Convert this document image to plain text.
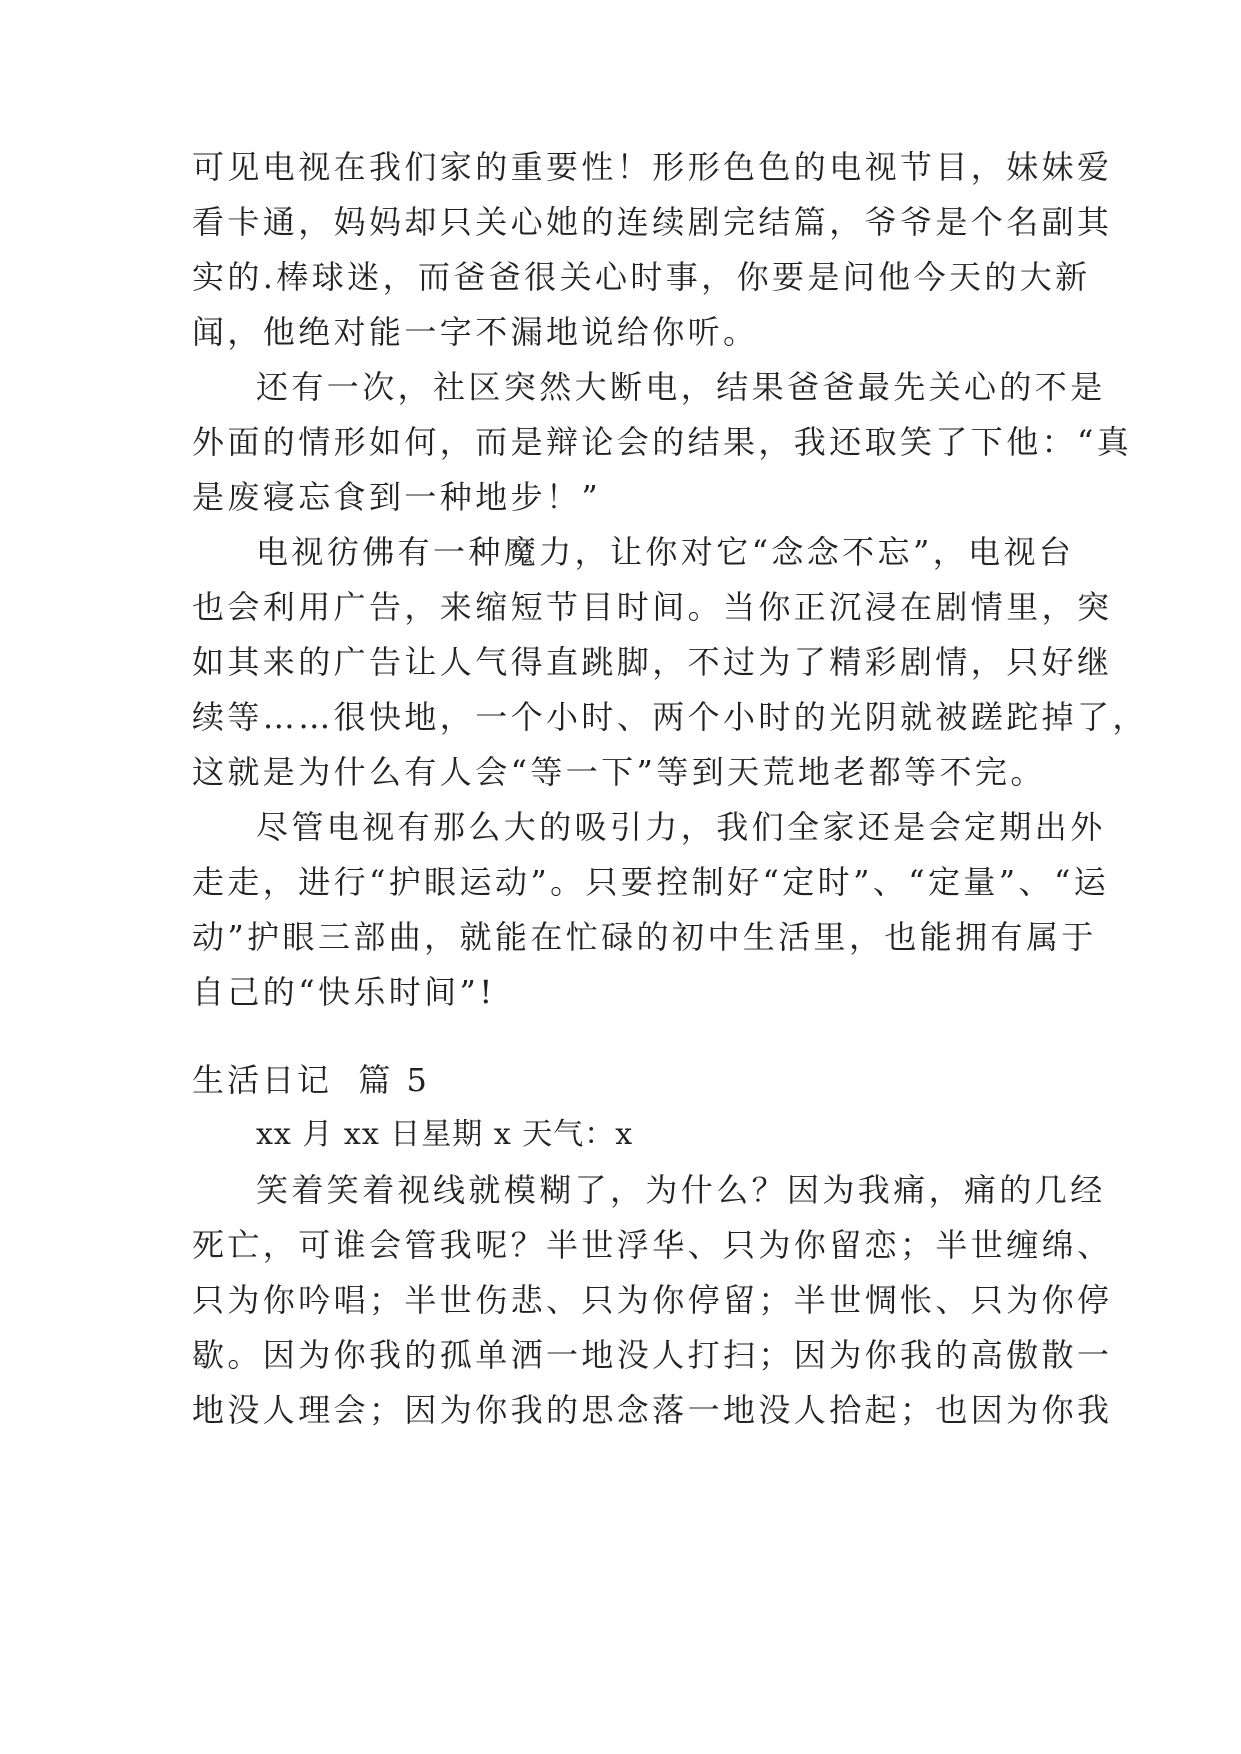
可见电视在我们家的重要性！形形色色的电视节目，妹妹爱
看卡通，妈妈却只关心她的连续剧完结篇，爷爷是个名副其
实的.棒球迷，而爸爸很关心时事，你要是问他今天的大新
闻，他绝对能一字不漏地说给你听。
还有一次，社区突然大断电，结果爸爸最先关心的不是
外面的情形如何，而是辩论会的结果，我还取笑了下他：“真
是废寝忘食到一种地步！”
电视彷佛有一种魔力，让你对它“念念不忘”，电视台
也会利用广告，来缩短节目时间。当你正沉浸在剧情里，突
如其来的广告让人气得直跳脚，不过为了精彩剧情，只好继
续等……很快地，一个小时、两个小时的光阴就被蹉跎掉了，
这就是为什么有人会“等一下”等到天荒地老都等不完。
尽管电视有那么大的吸引力，我们全家还是会定期出外
走走，进行“护眼运动”。只要控制好“定时”、“定量”、“运
动”护眼三部曲，就能在忙碌的初中生活里，也能拥有属于
自己的“快乐时间”!
生活日记  篇 5
xx 月 xx 日星期 x 天气：x
笑着笑着视线就模糊了，为什么？因为我痛，痛的几经
死亡，可谁会管我呢？半世浮华、只为你留恋；半世缠绵、
只为你吟唱；半世伤悲、只为你停留；半世惆怅、只为你停
歇。因为你我的孤单洒一地没人打扫；因为你我的高傲散一
地没人理会；因为你我的思念落一地没人拾起；也因为你我
